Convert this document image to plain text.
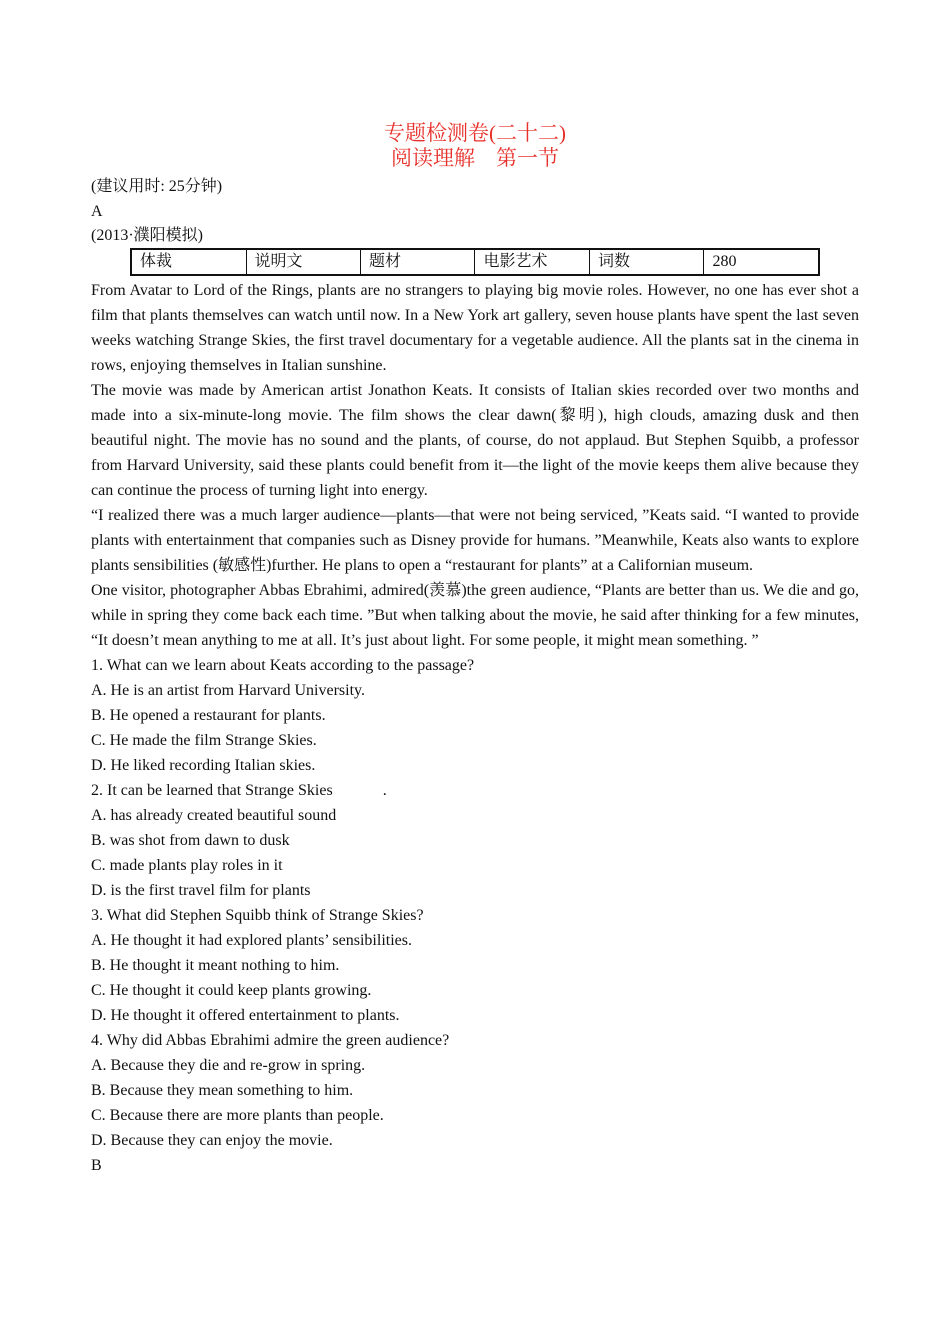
专题检测卷(二十二)
阅读理解　第一节
(建议用时: 25分钟)
A
(2013·濮阳模拟)
体裁	说明文	题材	电影艺术	词数	280

From Avatar to Lord of the Rings, plants are no strangers to playing big movie roles. However, no one has ever shot a film that plants themselves can watch until now. In a New York art gallery, seven house plants have spent the last seven weeks watching Strange Skies, the first travel documentary for a vegetable audience. All the plants sat in the cinema in rows, enjoying themselves in Italian sunshine.

The movie was made by American artist Jonathon Keats. It consists of Italian skies recorded over two months and made into a six-minute-long movie. The film shows the clear dawn(黎明), high clouds, amazing dusk and then beautiful night. The movie has no sound and the plants, of course, do not applaud. But Stephen Squibb, a professor from Harvard University, said these plants could benefit from it—the light of the movie keeps them alive because they can continue the process of turning light into energy.

“I realized there was a much larger audience—plants—that were not being serviced, ”Keats said. “I wanted to provide plants with entertainment that companies such as Disney provide for humans. ”Meanwhile, Keats also wants to explore plants sensibilities (敏感性)further. He plans to open a “restaurant for plants” at a Californian museum.

One visitor, photographer Abbas Ebrahimi, admired(羡慕)the green audience, “Plants are better than us. We die and go, while in spring they come back each time. ”But when talking about the movie, he said after thinking for a few minutes, “It doesn’t mean anything to me at all. It’s just about light. For some people, it might mean something. ”

1. What can we learn about Keats according to the passage?

A. He is an artist from Harvard University.

B. He opened a restaurant for plants.

C. He made the film Strange Skies.

D. He liked recording Italian skies.

2. It can be learned that Strange Skies	.

A. has already created beautiful sound

B. was shot from dawn to dusk

C. made plants play roles in it

D. is the first travel film for plants

3. What did Stephen Squibb think of Strange Skies?

A. He thought it had explored plants’ sensibilities.

B. He thought it meant nothing to him.

C. He thought it could keep plants growing.

D. He thought it offered entertainment to plants.

4. Why did Abbas Ebrahimi admire the green audience?

A. Because they die and re-grow in spring.

B. Because they mean something to him.

C. Because there are more plants than people.

D. Because they can enjoy the movie.

B
